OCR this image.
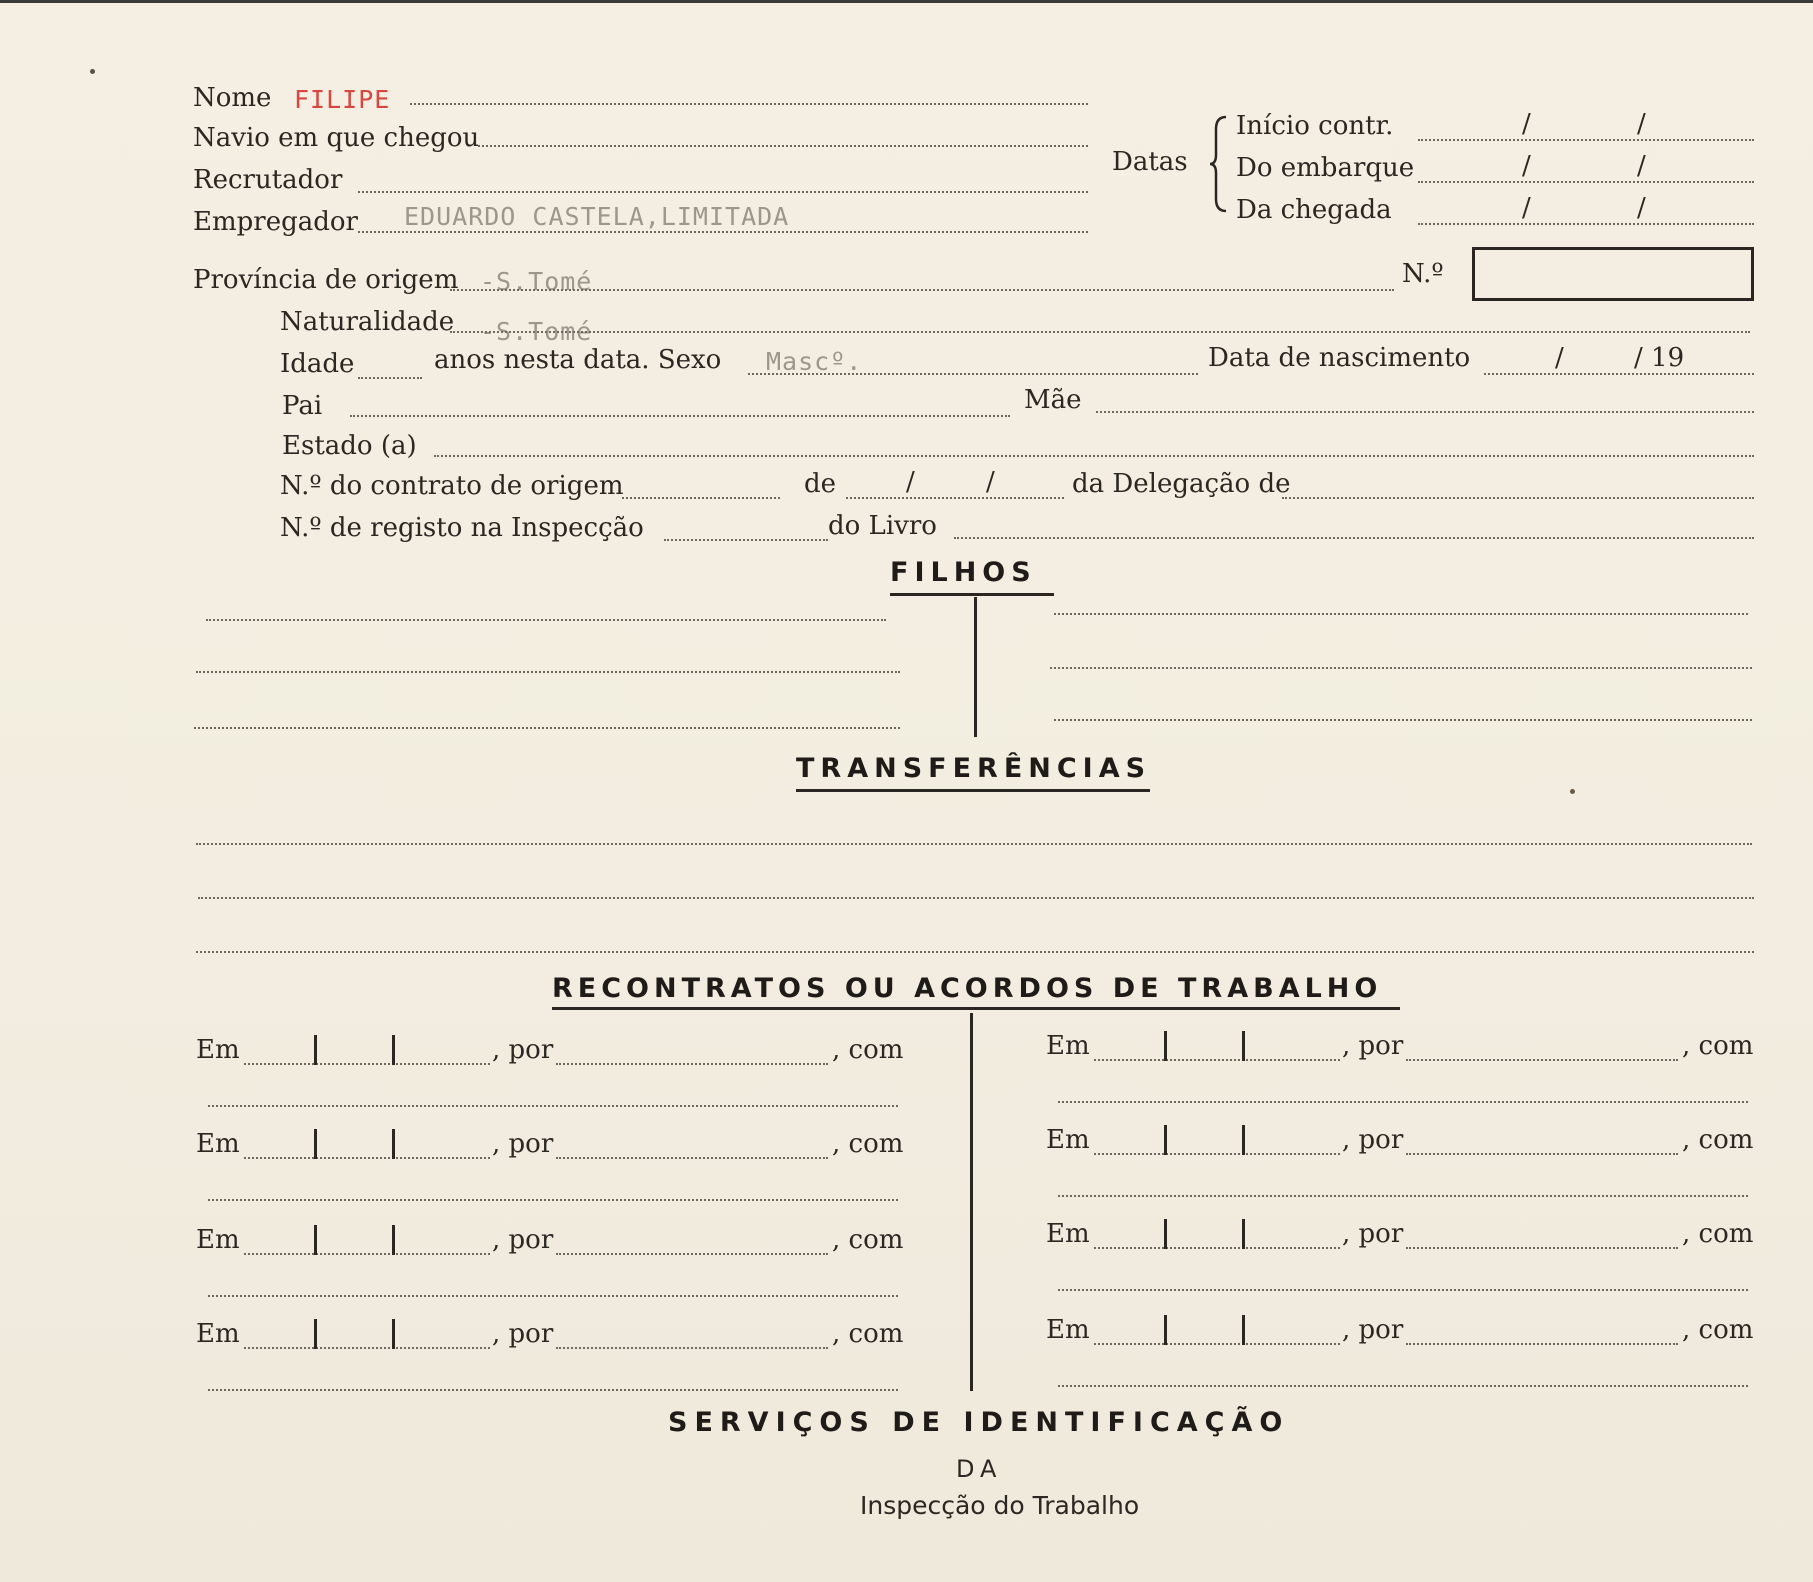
Nome FILIPE
Navio em que chegou
Recrutador
Empregador EDUARDO CASTELA,LIMITADA
Datas
Início contr.	/	/
Do embarque	/	/
Da chegada	/	/
Província de origem -S.Tomé	N.º
Naturalidade -S.Tomé
Idade	anos nesta data. Sexo Mascº.	Data de nascimento	/	/ 19
Pai	Mãe
Estado (a)
N.º do contrato de origem	de	/	/	da Delegação de
N.º de registo na Inspecção	do Livro
FILHOS
TRANSFERÊNCIAS
RECONTRATOS OU ACORDOS DE TRABALHO
Em	, por	, com
Em	, por	, com
Em	, por	, com
Em	, por	, com
Em	, por	, com
Em	, por	, com
Em	, por	, com
Em	, por	, com
SERVIÇOS DE IDENTIFICAÇÃO
DA
Inspecção do Trabalho
